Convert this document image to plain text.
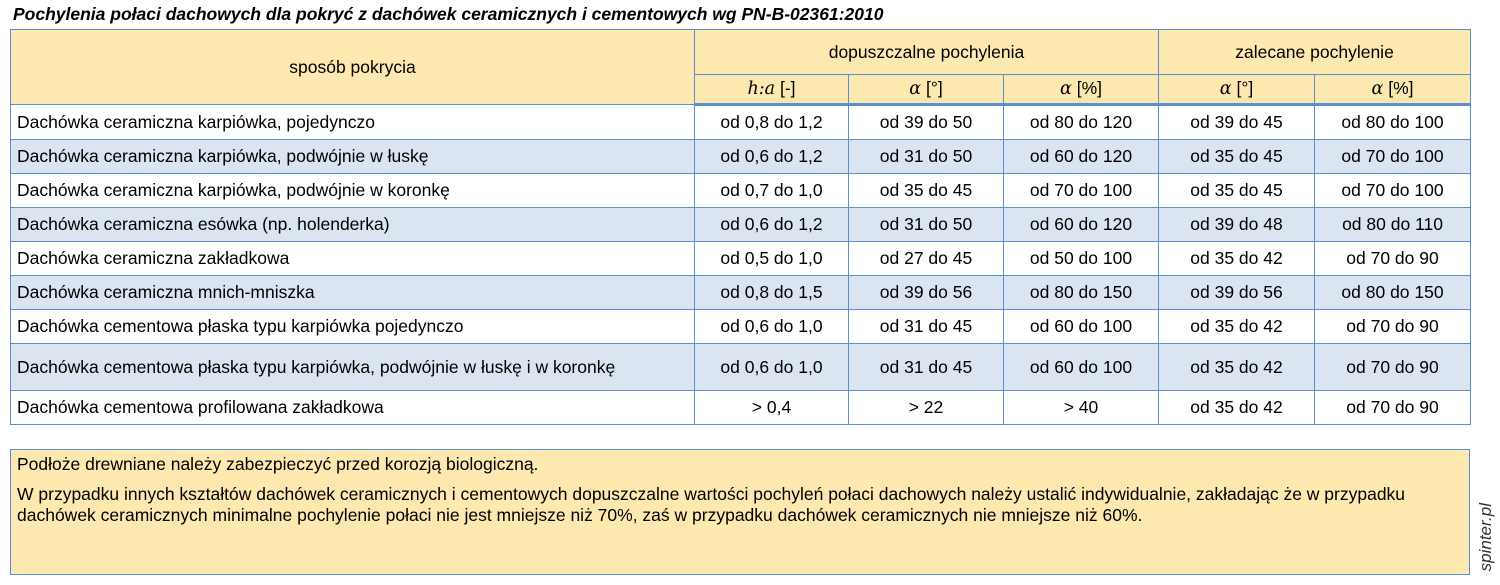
Pochylenia połaci dachowych dla pokryć z dachówek ceramicznych i cementowych wg PN-B-02361:2010
sposób pokrycia	dopuszczalne pochylenia			zalecane pochylenie	
	h:a [-]	α [°]	α [%]	α [°]	α [%]
Dachówka ceramiczna karpiówka, pojedynczo	od 0,8 do 1,2	od 39 do 50	od 80 do 120	od 39 do 45	od 80 do 100
Dachówka ceramiczna karpiówka, podwójnie w łuskę	od 0,6 do 1,2	od 31 do 50	od 60 do 120	od 35 do 45	od 70 do 100
Dachówka ceramiczna karpiówka, podwójnie w koronkę	od 0,7 do 1,0	od 35 do 45	od 70 do 100	od 35 do 45	od 70 do 100
Dachówka ceramiczna esówka (np. holenderka)	od 0,6 do 1,2	od 31 do 50	od 60 do 120	od 39 do 48	od 80 do 110
Dachówka ceramiczna zakładkowa	od 0,5 do 1,0	od 27 do 45	od 50 do 100	od 35 do 42	od 70 do 90
Dachówka ceramiczna mnich-mniszka	od 0,8 do 1,5	od 39 do 56	od 80 do 150	od 39 do 56	od 80 do 150
Dachówka cementowa płaska typu karpiówka pojedynczo	od 0,6 do 1,0	od 31 do 45	od 60 do 100	od 35 do 42	od 70 do 90
Dachówka cementowa płaska typu karpiówka, podwójnie w łuskę i w koronkę	od 0,6 do 1,0	od 31 do 45	od 60 do 100	od 35 do 42	od 70 do 90
Dachówka cementowa profilowana zakładkowa	> 0,4	> 22	> 40	od 35 do 42	od 70 do 90

Podłoże drewniane należy zabezpieczyć przed korozją biologiczną.

W przypadku innych kształtów dachówek ceramicznych i cementowych dopuszczalne wartości pochyleń połaci dachowych należy ustalić indywidualnie, zakładając że w przypadku dachówek ceramicznych minimalne pochylenie połaci nie jest mniejsze niż 70%, zaś w przypadku dachówek ceramicznych nie mniejsze niż 60%.	spinter.pl
